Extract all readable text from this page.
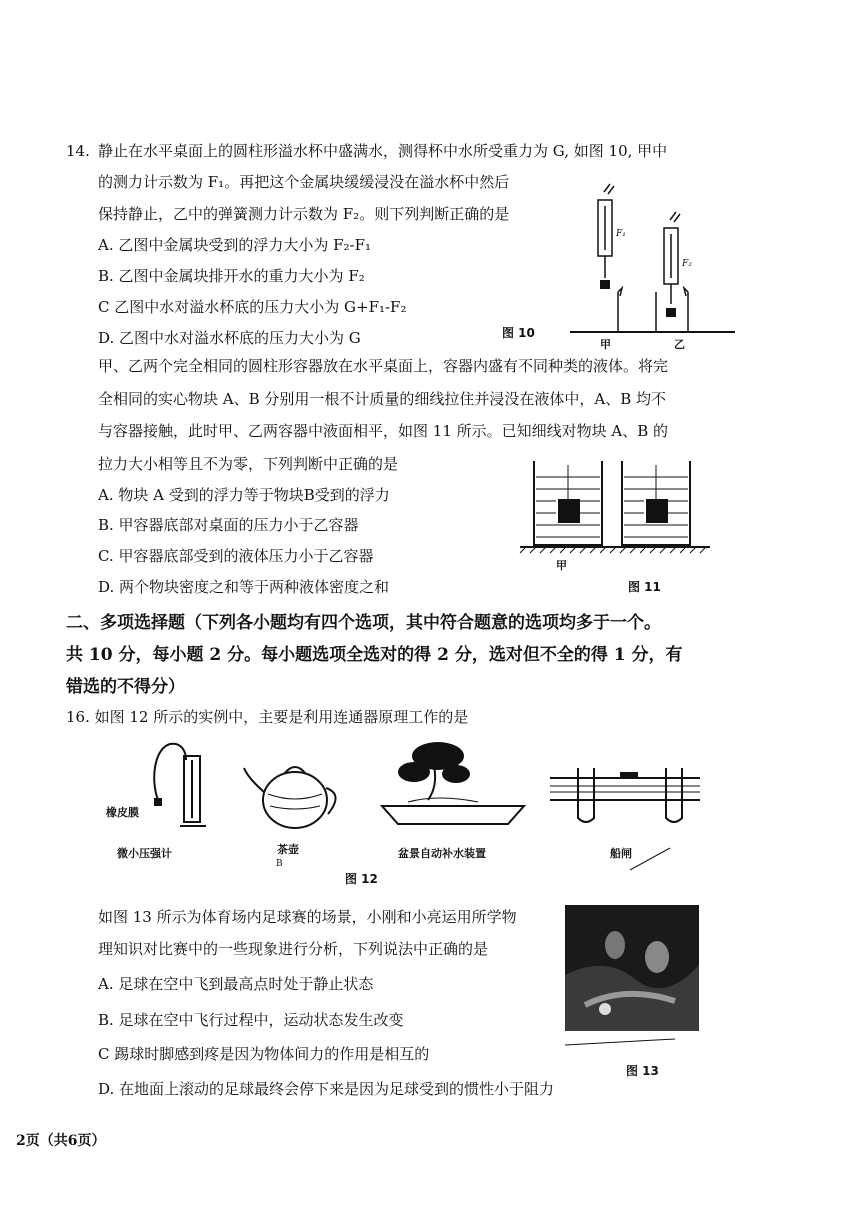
14. 静止在水平桌面上的圆柱形溢水杯中盛满水，测得杯中水所受重力为 G, 如图 10, 甲中
的测力计示数为 F₁。再把这个金属块缓缓浸没在溢水杯中然后
保持静止，乙中的弹簧测力计示数为 F₂。则下列判断正确的是
A. 乙图中金属块受到的浮力大小为 F₂-F₁
B. 乙图中金属块排开水的重力大小为 F₂
C 乙图中水对溢水杯底的压力大小为 G+F₁-F₂
D. 乙图中水对溢水杯底的压力大小为 G
F₁
F₂
甲	乙
图 10
甲、乙两个完全相同的圆柱形容器放在水平桌面上，容器内盛有不同种类的液体。将完
全相同的实心物块 A、B 分别用一根不计质量的细线拉住并浸没在液体中，A、B 均不
与容器接触，此时甲、乙两容器中液面相平，如图 11 所示。已知细线对物块 A、B 的
拉力大小相等且不为零，下列判断中正确的是
A. 物块 A 受到的浮力等于物块B受到的浮力
B. 甲容器底部对桌面的压力小于乙容器
C. 甲容器底部受到的液体压力小于乙容器
D. 两个物块密度之和等于两种液体密度之和
甲
图 11
二、多项选择题（下列各小题均有四个选项，其中符合题意的选项均多于一个。
共 10 分，每小题 2 分。每小题选项全选对的得 2 分，选对但不全的得 1 分，有
错选的不得分）
16. 如图 12 所示的实例中，主要是利用连通器原理工作的是
橡皮膜
微小压强计	茶壶
B
盆景自动补水装置	船闸
图 12
如图 13 所示为体育场内足球赛的场景，小刚和小亮运用所学物
理知识对比赛中的一些现象进行分析，下列说法中正确的是
A. 足球在空中飞到最高点时处于静止状态
B. 足球在空中飞行过程中，运动状态发生改变
C 踢球时脚感到疼是因为物体间力的作用是相互的
D. 在地面上滚动的足球最终会停下来是因为足球受到的惯性小于阻力
图 13
2页（共6页）
